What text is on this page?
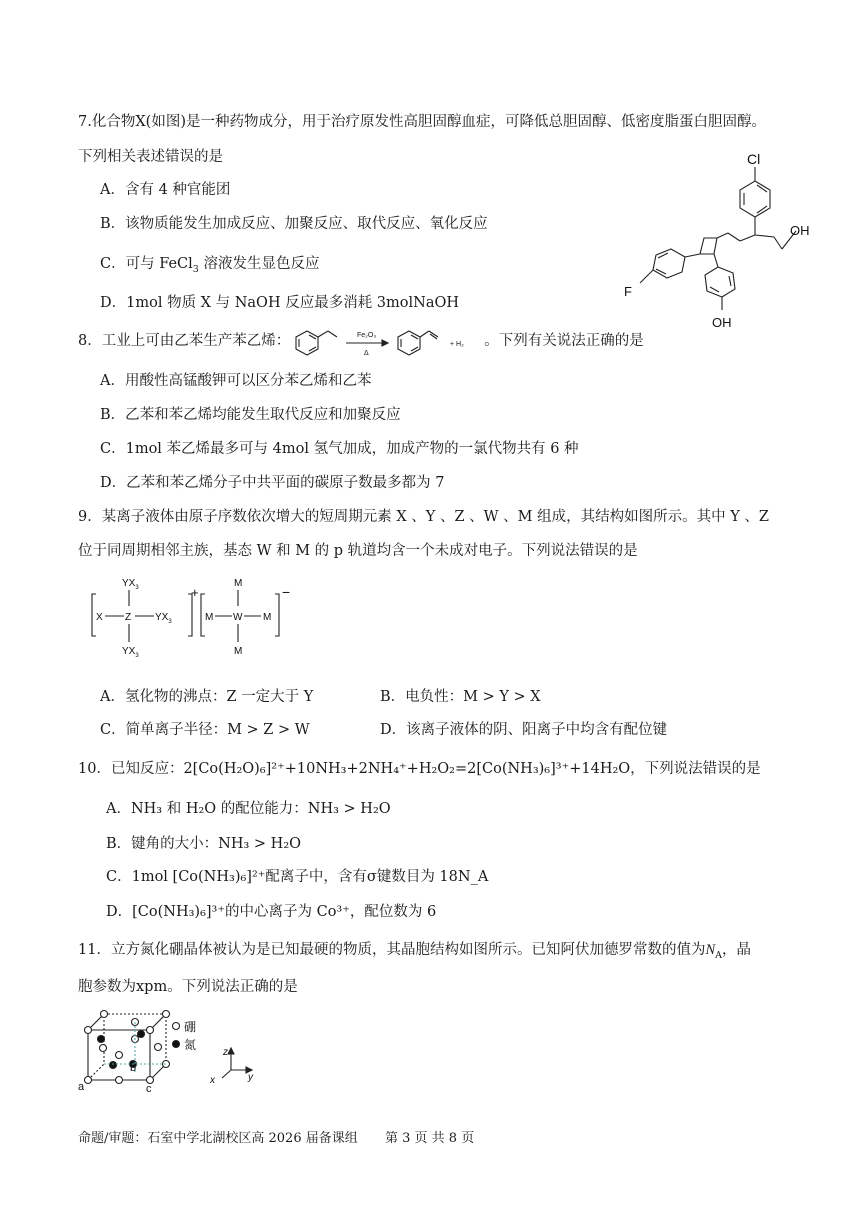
7.化合物X(如图)是一种药物成分，用于治疗原发性高胆固醇血症，可降低总胆固醇、低密度脂蛋白胆固醇。
下列相关表述错误的是
A．含有 4 种官能团
B．该物质能发生加成反应、加聚反应、取代反应、氧化反应
C．可与 FeCl$_3$ 溶液发生显色反应
D．1mol 物质 X 与 NaOH 反应最多消耗 3molNaOH
Cl
OH
F
OH
8．工业上可由乙苯生产苯乙烯：	。下列有关说法正确的是
Fe₂O₃
Δ
+ H₂
A．用酸性高锰酸钾可以区分苯乙烯和乙苯
B．乙苯和苯乙烯均能发生取代反应和加聚反应
C．1mol 苯乙烯最多可与 4mol 氢气加成，加成产物的一氯代物共有 6 种
D．乙苯和苯乙烯分子中共平面的碳原子数最多都为 7
9．某离子液体由原子序数依次增大的短周期元素 X 、Y 、Z 、W 、M 组成，其结构如图所示。其中 Y 、Z
位于同周期相邻主族，基态 W 和 M 的 p 轨道均含一个未成对电子。下列说法错误的是
X Z $YX_3$
$YX_3$
$YX_3$
+
M W M
M
M
−
A．氢化物的沸点：Z 一定大于 Y	B．电负性：M > Y > X
C．简单离子半径：M > Z > W	D．该离子液体的阴、阳离子中均含有配位键
10．已知反应：2[Co(H₂O)₆]²⁺+10NH₃+2NH₄⁺+H₂O₂=2[Co(NH₃)₆]³⁺+14H₂O，下列说法错误的是
A．NH₃ 和 H₂O 的配位能力：NH₃ > H₂O
B．键角的大小：NH₃ > H₂O
C．1mol [Co(NH₃)₆]²⁺配离子中，含有σ键数目为 18N_A
D．[Co(NH₃)₆]³⁺的中心离子为 Co³⁺，配位数为 6
11．立方氮化硼晶体被认为是已知最硬的物质，其晶胞结构如图所示。已知阿伏加德罗常数的值为$N_A$，晶
胞参数为xpm。下列说法正确的是
a
b
c
硼
氮
z
y
x
命题/审题：石室中学北湖校区高 2026 届备课组 第 3 页 共 8 页
